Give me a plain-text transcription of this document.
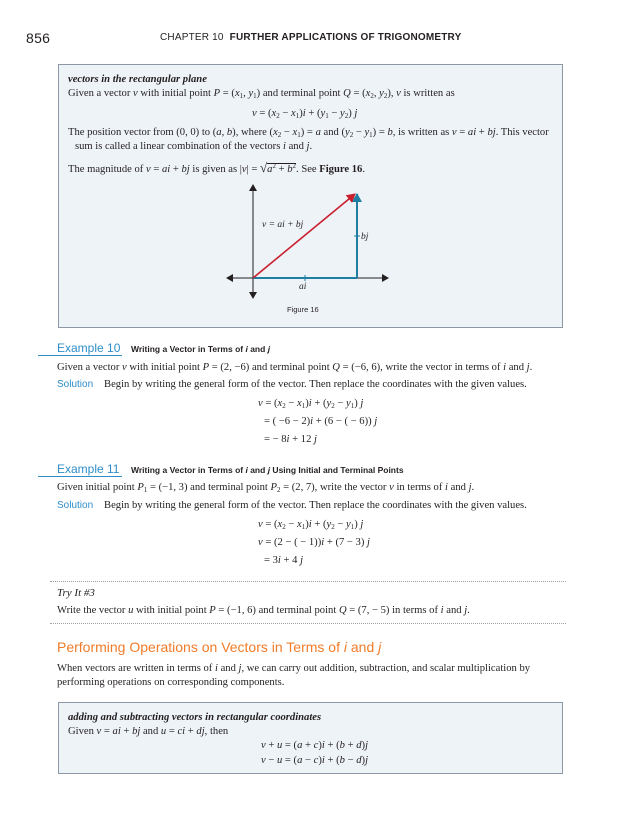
856	CHAPTER 10 FURTHER APPLICATIONS OF TRIGONOMETRY
vectors in the rectangular plane
Given a vector v with initial point $P = (x_1$, $y_1$) and terminal point $Q = (x_2$, $y_2$), v is written as
$v = (x_2 - x_1)i + (y_1 - y_2)$ j
The position vector from (0, 0) to (a, b), where $(x_2 - x_1) = a$ and $(y_2 - y_1) = b$, is written as v = ai + bj. This vector
sum is called a linear combination of the vectors i and j.
The magnitude of v = ai + bj is given as $|v| = √a^2 + b^2$. See Figure 16.
v = ai + bj
bj
ai
Figure 16
Example 10 Writing a Vector in Terms of i and j
Given a vector v with initial point P = (2, −6) and terminal point Q = (−6, 6), write the vector in terms of i and j.
Solution Begin by writing the general form of the vector. Then replace the coordinates with the given values.
$v = (x_2 - x_1)i + (y_2 - y_1)$ j
= ( −6 − 2)i + (6 − ( − 6)) j
= − 8i + 12 j
Example 11 Writing a Vector in Terms of i and j Using Initial and Terminal Points
Given initial point $P_1 = (-1$, 3) and terminal point $P_2 = (2$, 7), write the vector v in terms of i and j.
Solution Begin by writing the general form of the vector. Then replace the coordinates with the given values.
$v = (x_2 - x_1)i + (y_2 - y_1)$ j
v = (2 − ( − 1))i + (7 − 3) j
= 3i + 4 j
Try It #3
Write the vector u with initial point P = (−1, 6) and terminal point Q = (7, − 5) in terms of i and j.
Performing Operations on Vectors in Terms of i and j
When vectors are written in terms of i and j, we can carry out addition, subtraction, and scalar multiplication by
performing operations on corresponding components.
adding and subtracting vectors in rectangular coordinates
Given v = ai + bj and u = ci + dj, then
v + u = (a + c)i + (b + d)j
v − u = (a − c)i + (b − d)j
